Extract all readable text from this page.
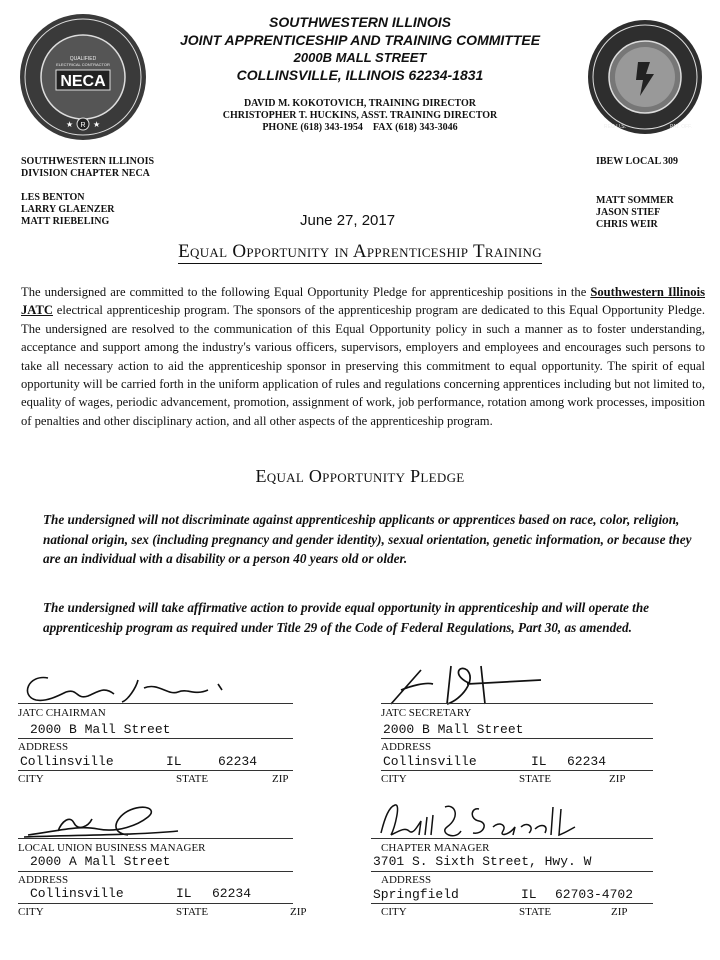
NECA
QUALIFIED
ELECTRICAL CONTRACTOR
R
★ ★	REG U.S.	PAT. OFF.
SOUTHWESTERN ILLINOIS
JOINT APPRENTICESHIP AND TRAINING COMMITTEE
2000B MALL STREET
COLLINSVILLE, ILLINOIS 62234-1831
DAVID M. KOKOTOVICH, TRAINING DIRECTOR
CHRISTOPHER T. HUCKINS, ASST. TRAINING DIRECTOR
PHONE (618) 343-1954    FAX (618) 343-3046
SOUTHWESTERN ILLINOIS
DIVISION CHAPTER NECA
LES BENTON
LARRY GLAENZER
MATT RIEBELING
IBEW LOCAL 309
MATT SOMMER
JASON STIEF
CHRIS WEIR
June 27, 2017
Equal Opportunity in Apprenticeship Training
The undersigned are committed to the following Equal Opportunity Pledge for apprenticeship positions in the Southwestern Illinois JATC electrical apprenticeship program. The sponsors of the apprenticeship program are dedicated to this Equal Opportunity Pledge. The undersigned are resolved to the communication of this Equal Opportunity policy in such a manner as to foster understanding, acceptance and support among the industry's various officers, supervisors, employers and employees and encourages such persons to take all necessary action to aid the apprenticeship sponsor in preserving this commitment to equal opportunity. The spirit of equal opportunity will be carried forth in the uniform application of rules and regulations concerning apprentices including but not limited to, equality of wages, periodic advancement, promotion, assignment of work, job performance, rotation among work processes, imposition of penalties and other disciplinary action, and all other aspects of the apprenticeship program.
Equal Opportunity Pledge
The undersigned will not discriminate against apprenticeship applicants or apprentices based on race, color, religion, national origin, sex (including pregnancy and gender identity), sexual orientation, genetic information, or because they are an individual with a disability or a person 40 years old or older.
The undersigned will take affirmative action to provide equal opportunity in apprenticeship and will operate the apprenticeship program as required under Title 29 of the Code of Federal Regulations, Part 30, as amended.
JATC CHAIRMAN
2000 B Mall Street
ADDRESS
Collinsville	IL	62234
CITY	STATE	ZIP
JATC SECRETARY
2000 B Mall Street
ADDRESS
Collinsville	IL 62234
CITY	STATE	ZIP
LOCAL UNION BUSINESS MANAGER
2000 A Mall Street
ADDRESS
Collinsville	IL 62234
CITY	STATE	ZIP
CHAPTER MANAGER
3701 S. Sixth Street, Hwy. W
ADDRESS
Springfield	IL 62703-4702
CITY	STATE	ZIP
